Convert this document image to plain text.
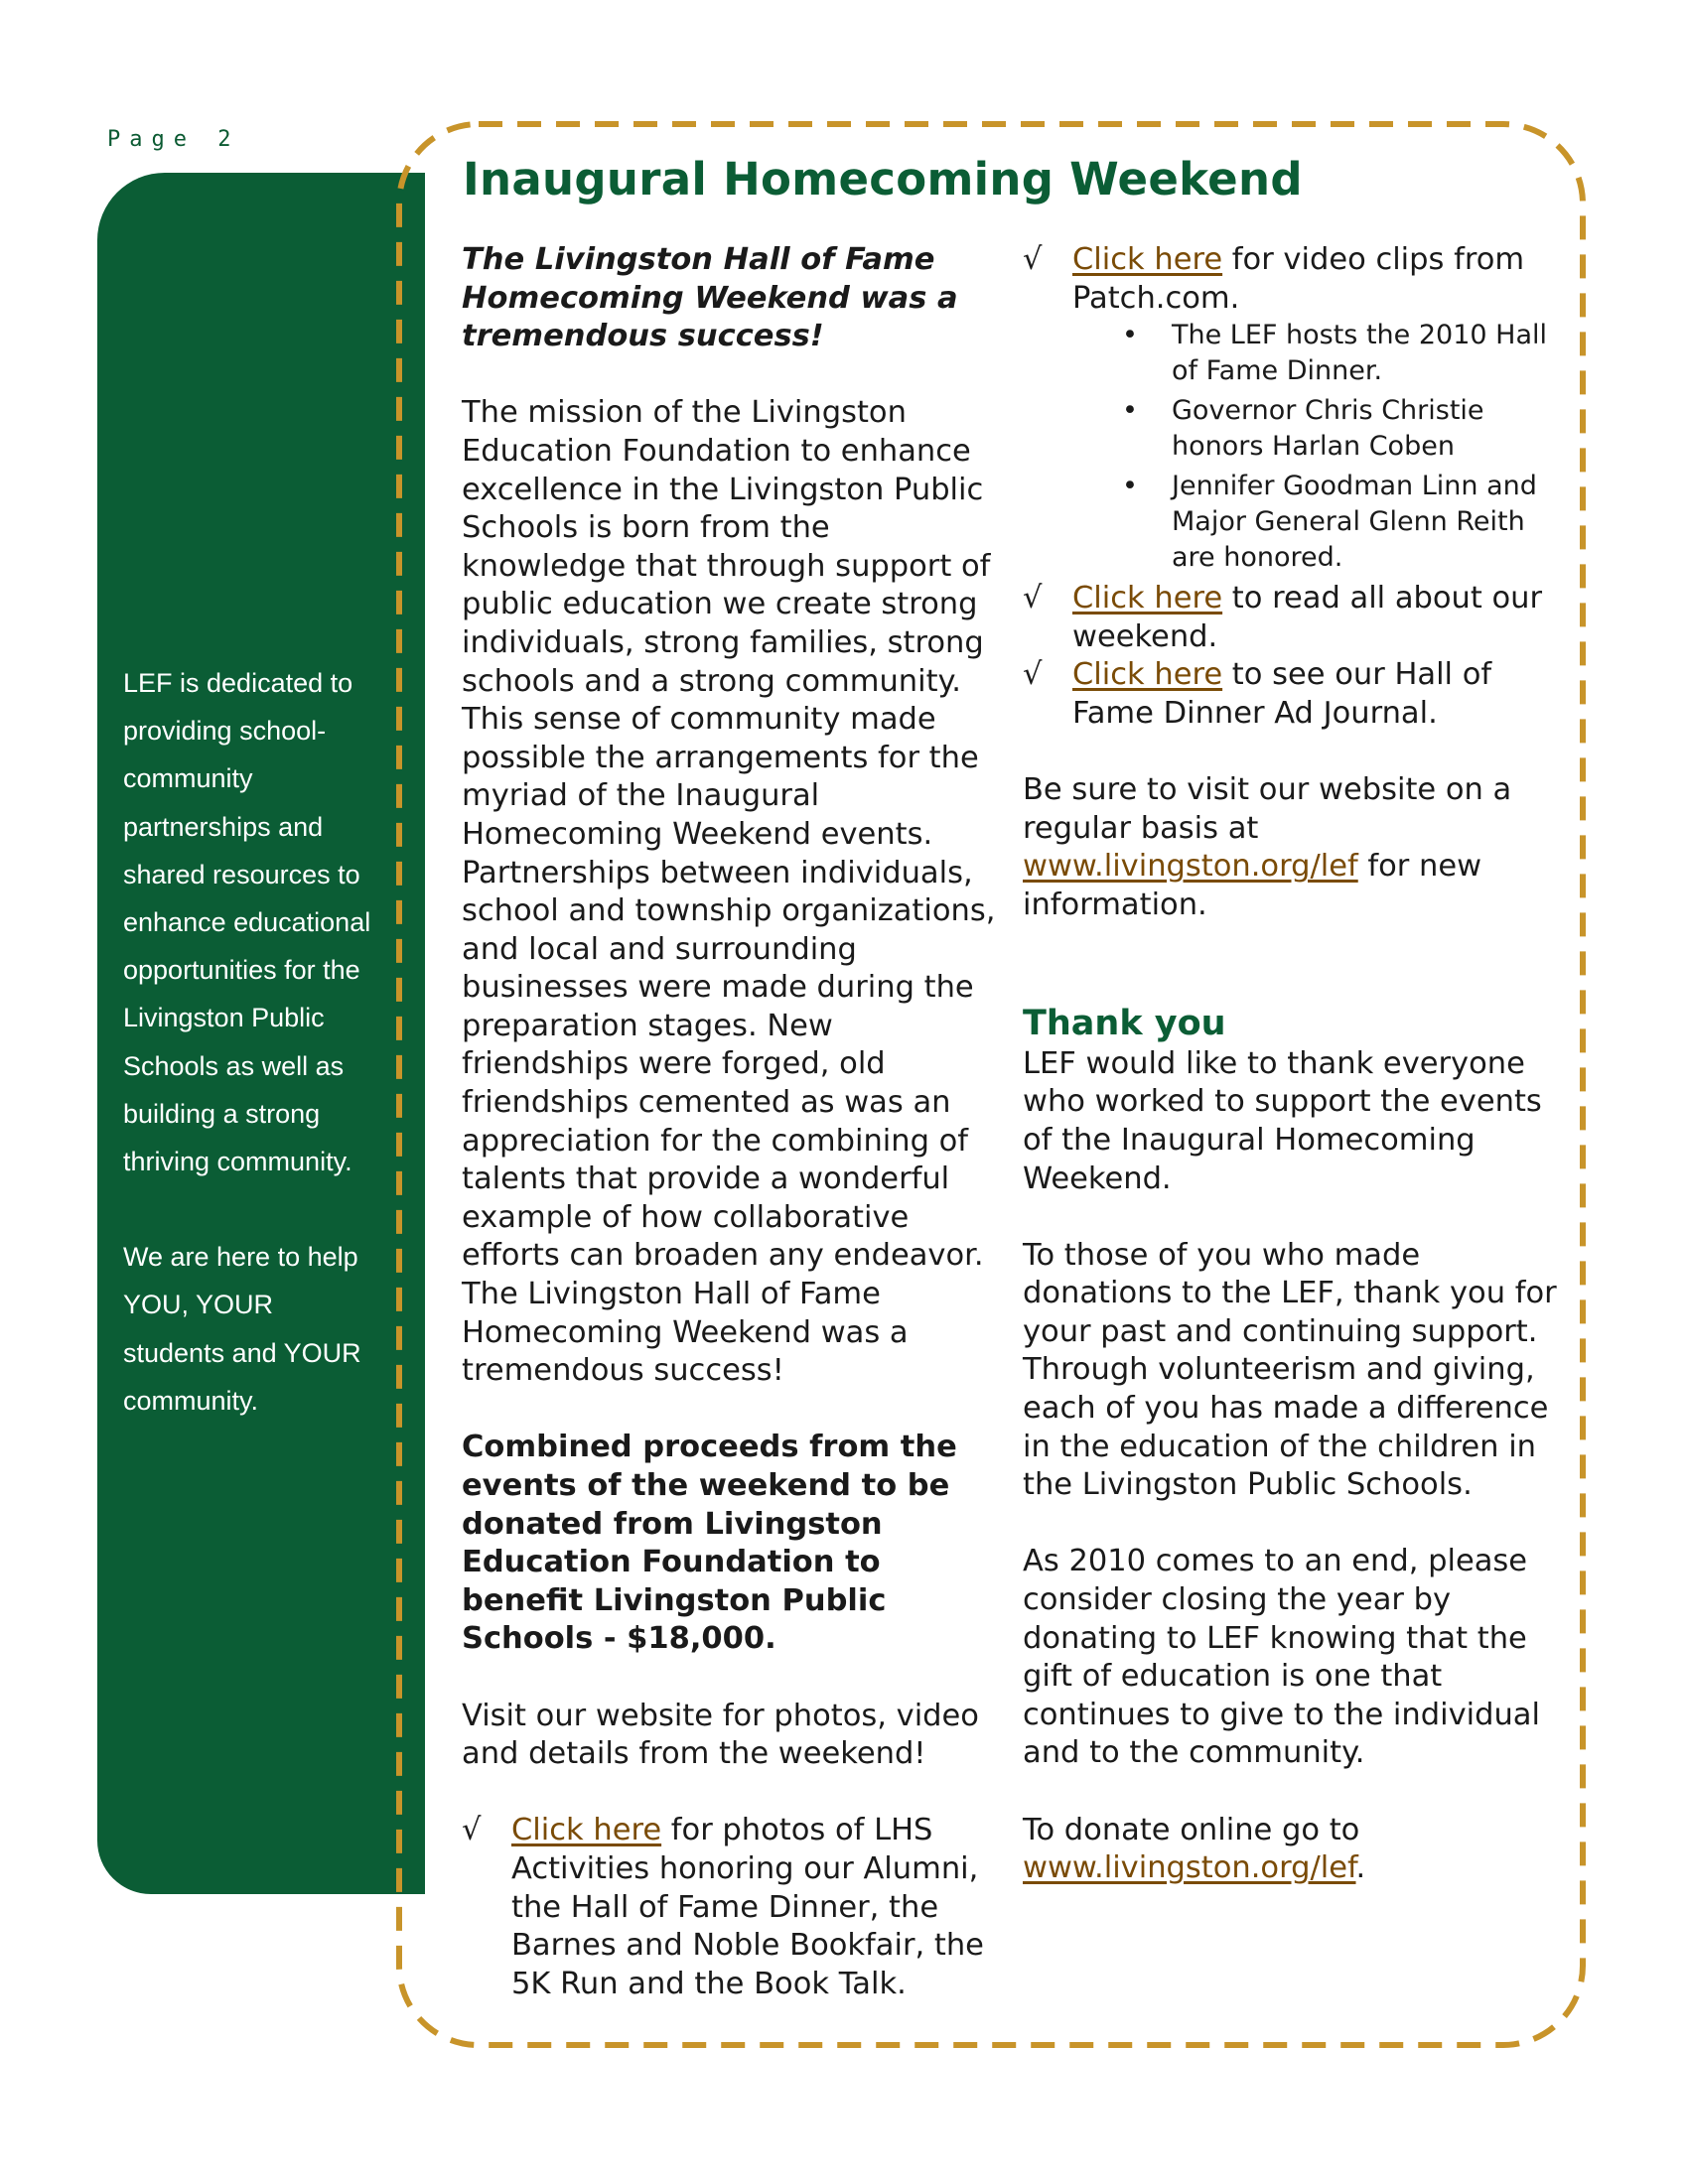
Page 2

LEF is dedicated to providing school-community partnerships and shared resources to enhance educational opportunities for the Livingston Public Schools as well as building a strong thriving community.

We are here to help YOU, YOUR students and YOUR community.

Inaugural Homecoming Weekend

The Livingston Hall of Fame Homecoming Weekend was a tremendous success!

The mission of the Livingston Education Foundation to enhance excellence in the Livingston Public Schools is born from the knowledge that through support of public education we create strong individuals, strong families, strong schools and a strong community. This sense of community made possible the arrangements for the myriad of the Inaugural Homecoming Weekend events. Partnerships between individuals, school and township organizations, and local and surrounding businesses were made during the preparation stages. New friendships were forged, old friendships cemented as was an appreciation for the combining of talents that provide a wonderful example of how collaborative efforts can broaden any endeavor. The Livingston Hall of Fame Homecoming Weekend was a tremendous success!

Combined proceeds from the events of the weekend to be donated from Livingston Education Foundation to benefit Livingston Public Schools - $18,000.

Visit our website for photos, video and details from the weekend!

√	Click here for photos of LHS Activities honoring our Alumni, the Hall of Fame Dinner, the Barnes and Noble Bookfair, the 5K Run and the Book Talk.
√	Click here for video clips from Patch.com.
• The LEF hosts the 2010 Hall of Fame Dinner.
• Governor Chris Christie honors Harlan Coben
• Jennifer Goodman Linn and Major General Glenn Reith are honored.
√	Click here to read all about our weekend.
√	Click here to see our Hall of Fame Dinner Ad Journal.

Be sure to visit our website on a regular basis at www.livingston.org/lef for new information.

Thank you

LEF would like to thank everyone who worked to support the events of the Inaugural Homecoming Weekend.

To those of you who made donations to the LEF, thank you for your past and continuing support. Through volunteerism and giving, each of you has made a difference in the education of the children in the Livingston Public Schools.

As 2010 comes to an end, please consider closing the year by donating to LEF knowing that the gift of education is one that continues to give to the individual and to the community.

To donate online go to www.livingston.org/lef.
